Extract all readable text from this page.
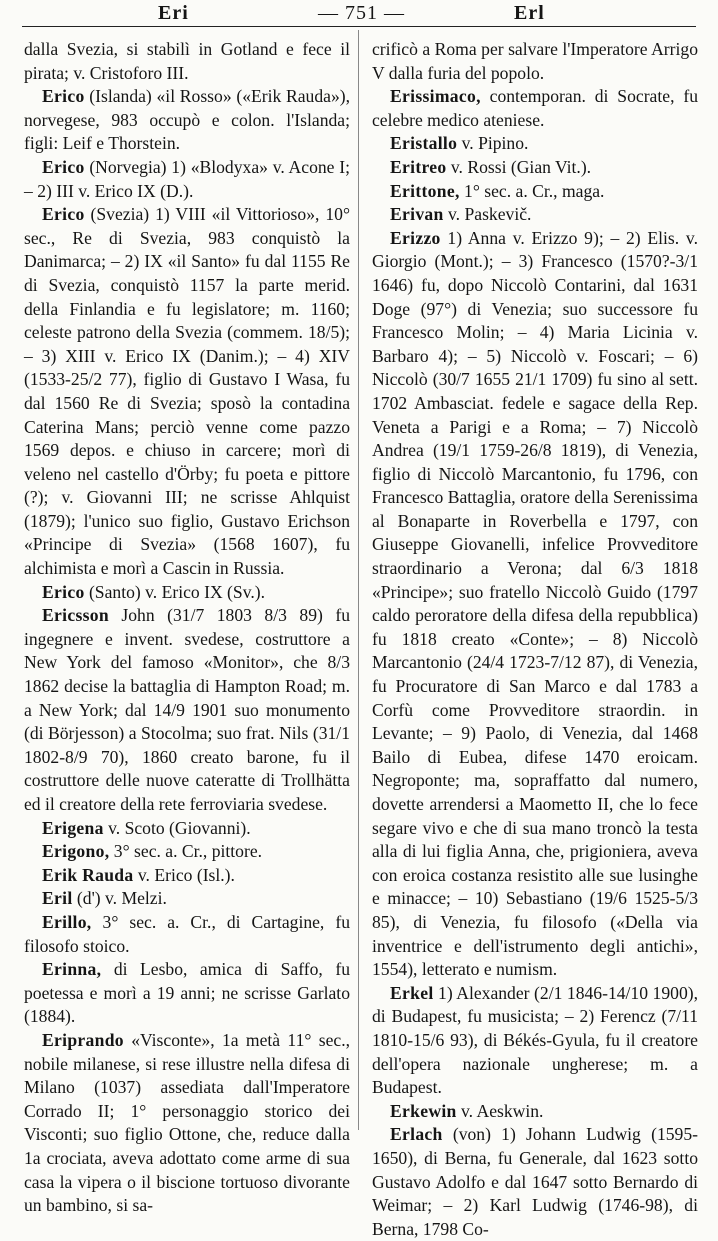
Eri	— 751 —	Erl

dalla Svezia, si stabilì in Gotland e fece il pirata; v. Cristoforo III.

Erico (Islanda) «il Rosso» («Erik Rauda»), norvegese, 983 occupò e colon. l'Islanda; figli: Leif e Thorstein.

Erico (Norvegia) 1) «Blodyxa» v. Acone I; – 2) III v. Erico IX (D.).

Erico (Svezia) 1) VIII «il Vittorioso», 10° sec., Re di Svezia, 983 conquistò la Danimarca; – 2) IX «il Santo» fu dal 1155 Re di Svezia, conquistò 1157 la parte merid. della Finlandia e fu legislatore; m. 1160; celeste patrono della Svezia (commem. 18/5); – 3) XIII v. Erico IX (Danim.); – 4) XIV (1533-25/2 77), figlio di Gustavo I Wasa, fu dal 1560 Re di Svezia; sposò la contadina Caterina Mans; perciò venne come pazzo 1569 depos. e chiuso in carcere; morì di veleno nel castello d'Örby; fu poeta e pittore (?); v. Giovanni III; ne scrisse Ahlquist (1879); l'unico suo figlio, Gustavo Erichson «Principe di Svezia» (1568 1607), fu alchimista e morì a Cascin in Russia.

Erico (Santo) v. Erico IX (Sv.).

Ericsson John (31/7 1803 8/3 89) fu ingegnere e invent. svedese, costruttore a New York del famoso «Monitor», che 8/3 1862 decise la battaglia di Hampton Road; m. a New York; dal 14/9 1901 suo monumento (di Börjesson) a Stocolma; suo frat. Nils (31/1 1802-8/9 70), 1860 creato barone, fu il costruttore delle nuove cateratte di Trollhätta ed il creatore della rete ferroviaria svedese.

Erigena v. Scoto (Giovanni).

Erigono, 3° sec. a. Cr., pittore.

Erik Rauda v. Erico (Isl.).

Eril (d') v. Melzi.

Erillo, 3° sec. a. Cr., di Cartagine, fu filosofo stoico.

Erinna, di Lesbo, amica di Saffo, fu poetessa e morì a 19 anni; ne scrisse Garlato (1884).

Eriprando «Visconte», 1a metà 11° sec., nobile milanese, si rese illustre nella difesa di Milano (1037) assediata dall'Imperatore Corrado II; 1° personaggio storico dei Visconti; suo figlio Ottone, che, reduce dalla 1a crociata, aveva adottato come arme di sua casa la vipera o il biscione tortuoso divorante un bambino, si sa-

crificò a Roma per salvare l'Imperatore Arrigo V dalla furia del popolo.

Erissimaco, contemporan. di Socrate, fu celebre medico ateniese.

Eristallo v. Pipino.

Eritreo v. Rossi (Gian Vit.).

Erittone, 1° sec. a. Cr., maga.

Erivan v. Paskevič.

Erizzo 1) Anna v. Erizzo 9); – 2) Elis. v. Giorgio (Mont.); – 3) Francesco (1570?-3/1 1646) fu, dopo Niccolò Contarini, dal 1631 Doge (97°) di Venezia; suo successore fu Francesco Molin; – 4) Maria Licinia v. Barbaro 4); – 5) Niccolò v. Foscari; – 6) Niccolò (30/7 1655 21/1 1709) fu sino al sett. 1702 Ambasciat. fedele e sagace della Rep. Veneta a Parigi e a Roma; – 7) Niccolò Andrea (19/1 1759-26/8 1819), di Venezia, figlio di Niccolò Marcantonio, fu 1796, con Francesco Battaglia, oratore della Serenissima al Bonaparte in Roverbella e 1797, con Giuseppe Giovanelli, infelice Provveditore straordinario a Verona; dal 6/3 1818 «Principe»; suo fratello Niccolò Guido (1797 caldo peroratore della difesa della repubblica) fu 1818 creato «Conte»; – 8) Niccolò Marcantonio (24/4 1723-7/12 87), di Venezia, fu Procuratore di San Marco e dal 1783 a Corfù come Provveditore straordin. in Levante; – 9) Paolo, di Venezia, dal 1468 Bailo di Eubea, difese 1470 eroicam. Negroponte; ma, sopraffatto dal numero, dovette arrendersi a Maometto II, che lo fece segare vivo e che di sua mano troncò la testa alla di lui figlia Anna, che, prigioniera, aveva con eroica costanza resistito alle sue lusinghe e minacce; – 10) Sebastiano (19/6 1525-5/3 85), di Venezia, fu filosofo («Della via inventrice e dell'istrumento degli antichi», 1554), letterato e numism.

Erkel 1) Alexander (2/1 1846-14/10 1900), di Budapest, fu musicista; – 2) Ferencz (7/11 1810-15/6 93), di Békés-Gyula, fu il creatore dell'opera nazionale ungherese; m. a Budapest.

Erkewin v. Aeskwin.

Erlach (von) 1) Johann Ludwig (1595-1650), di Berna, fu Generale, dal 1623 sotto Gustavo Adolfo e dal 1647 sotto Bernardo di Weimar; – 2) Karl Ludwig (1746-98), di Berna, 1798 Co-
